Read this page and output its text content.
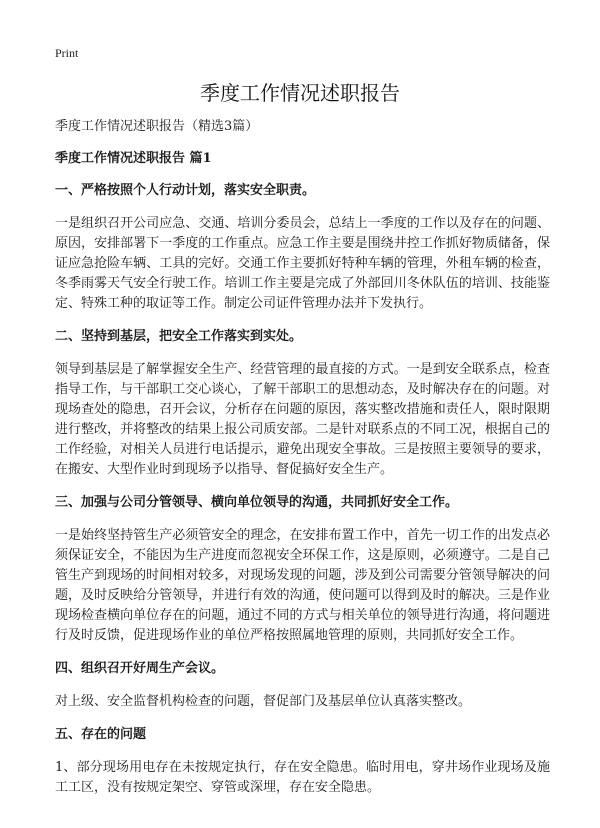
Print
季度工作情况述职报告

季度工作情况述职报告（精选3篇）

季度工作情况述职报告 篇1

一、严格按照个人行动计划，落实安全职责。

一是组织召开公司应急、交通、培训分委员会，总结上一季度的工作以及存在的问题、原因，安排部署下一季度的工作重点。应急工作主要是围绕井控工作抓好物质储备，保证应急抢险车辆、工具的完好。交通工作主要抓好特种车辆的管理，外租车辆的检查，冬季雨雾天气安全行驶工作。培训工作主要是完成了外部回川冬休队伍的培训、技能鉴定、特殊工种的取证等工作。制定公司证件管理办法并下发执行。

二、坚持到基层，把安全工作落实到实处。

领导到基层是了解掌握安全生产、经营管理的最直接的方式。一是到安全联系点，检查指导工作，与干部职工交心谈心，了解干部职工的思想动态，及时解决存在的问题。对现场查处的隐患，召开会议，分析存在问题的原因，落实整改措施和责任人，限时限期进行整改，并将整改的结果上报公司质安部。二是针对联系点的不同工况，根据自己的工作经验，对相关人员进行电话提示，避免出现安全事故。三是按照主要领导的要求，在搬安、大型作业时到现场予以指导、督促搞好安全生产。

三、加强与公司分管领导、横向单位领导的沟通，共同抓好安全工作。

一是始终坚持管生产必须管安全的理念，在安排布置工作中，首先一切工作的出发点必须保证安全，不能因为生产进度而忽视安全环保工作，这是原则，必须遵守。二是自己管生产到现场的时间相对较多，对现场发现的问题，涉及到公司需要分管领导解决的问题，及时反映给分管领导，并进行有效的沟通，使问题可以得到及时的解决。三是作业现场检查横向单位存在的问题，通过不同的方式与相关单位的领导进行沟通，将问题进行及时反馈，促进现场作业的单位严格按照属地管理的原则，共同抓好安全工作。

四、组织召开好周生产会议。

对上级、安全监督机构检查的问题，督促部门及基层单位认真落实整改。

五、存在的问题

1、部分现场用电存在未按规定执行，存在安全隐患。临时用电，穿井场作业现场及施工工区，没有按规定架空、穿管或深埋，存在安全隐患。
